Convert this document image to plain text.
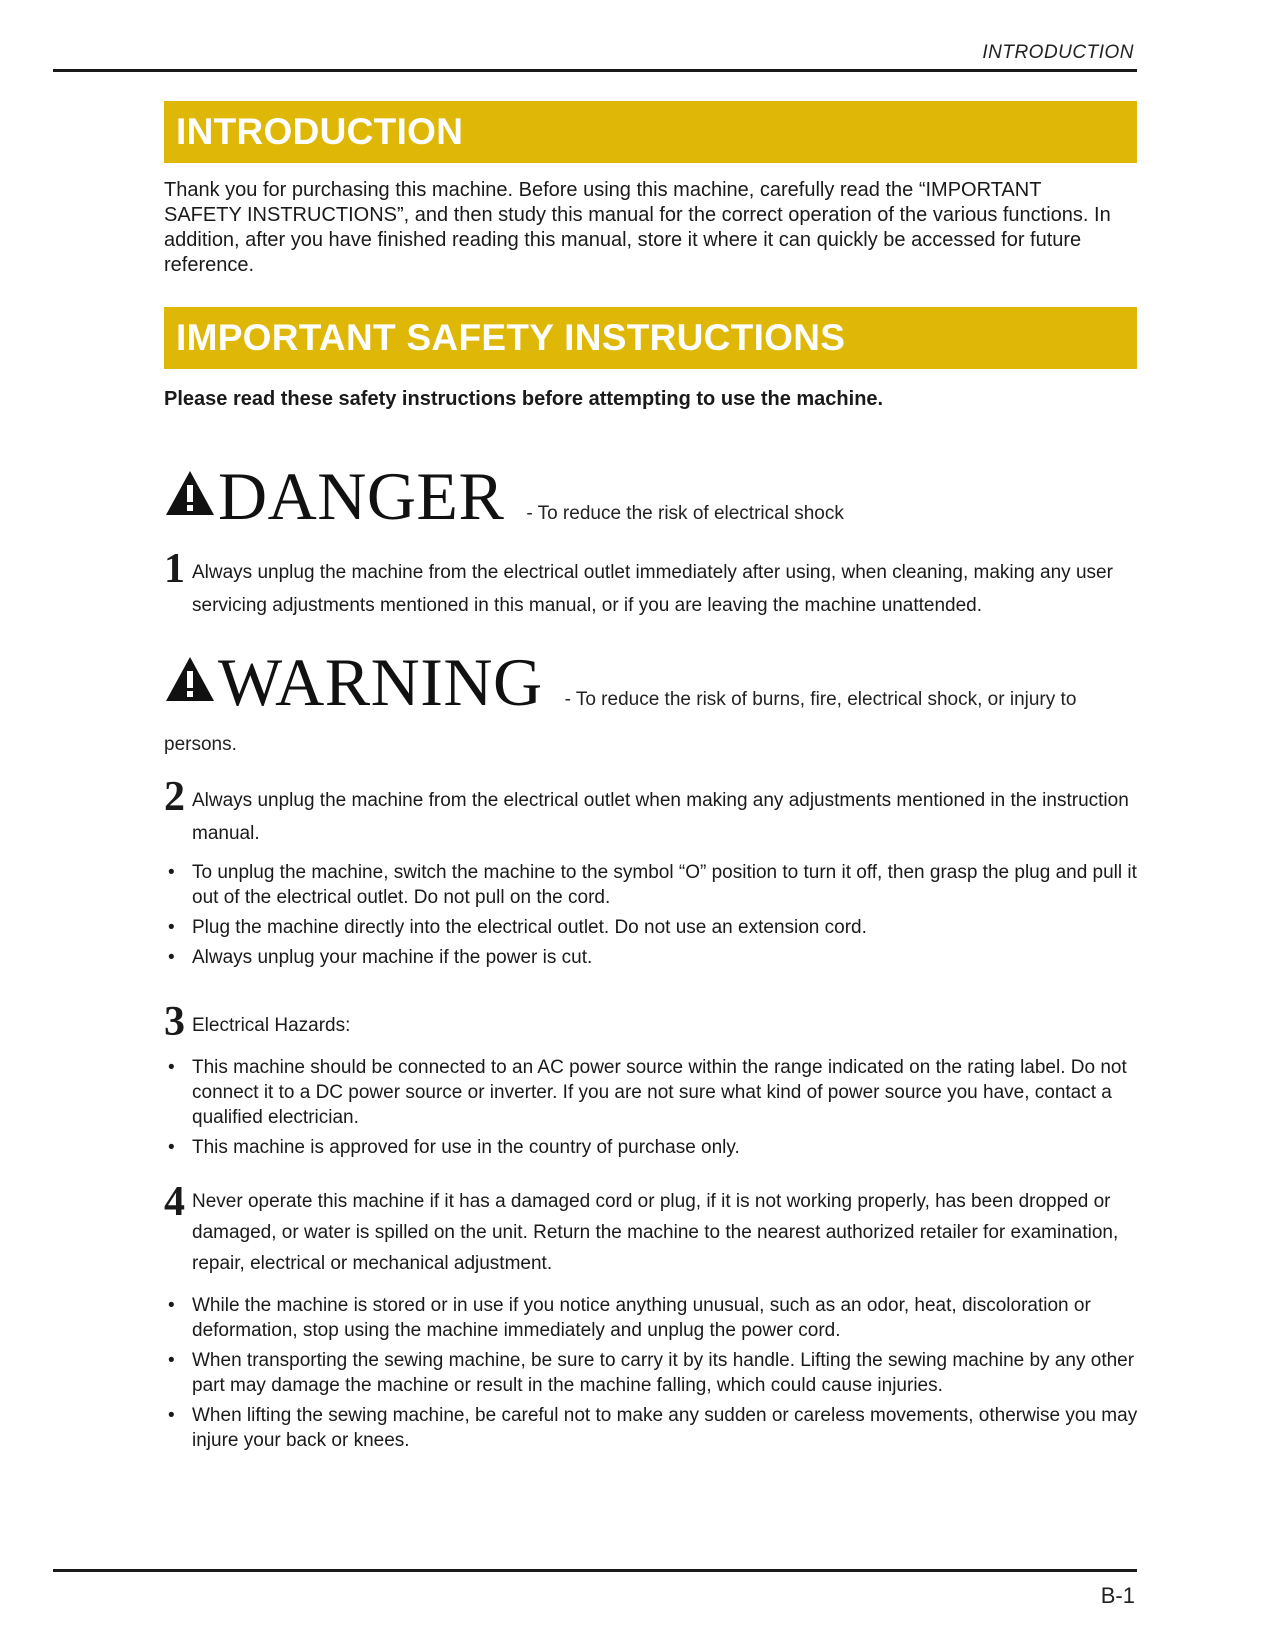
INTRODUCTION
INTRODUCTION
Thank you for purchasing this machine. Before using this machine, carefully read the “IMPORTANT SAFETY INSTRUCTIONS”, and then study this manual for the correct operation of the various functions. In addition, after you have finished reading this manual, store it where it can quickly be accessed for future reference.
IMPORTANT SAFETY INSTRUCTIONS
Please read these safety instructions before attempting to use the machine.
DANGER - To reduce the risk of electrical shock
1 Always unplug the machine from the electrical outlet immediately after using, when cleaning, making any user servicing adjustments mentioned in this manual, or if you are leaving the machine unattended.
WARNING - To reduce the risk of burns, fire, electrical shock, or injury to
persons.
2 Always unplug the machine from the electrical outlet when making any adjustments mentioned in the instruction manual.
• To unplug the machine, switch the machine to the symbol “O” position to turn it off, then grasp the plug and pull it out of the electrical outlet. Do not pull on the cord.
• Plug the machine directly into the electrical outlet. Do not use an extension cord.
• Always unplug your machine if the power is cut.
3 Electrical Hazards:
• This machine should be connected to an AC power source within the range indicated on the rating label. Do not connect it to a DC power source or inverter. If you are not sure what kind of power source you have, contact a qualified electrician.
• This machine is approved for use in the country of purchase only.
4 Never operate this machine if it has a damaged cord or plug, if it is not working properly, has been dropped or damaged, or water is spilled on the unit. Return the machine to the nearest authorized retailer for examination, repair, electrical or mechanical adjustment.
• While the machine is stored or in use if you notice anything unusual, such as an odor, heat, discoloration or deformation, stop using the machine immediately and unplug the power cord.
• When transporting the sewing machine, be sure to carry it by its handle. Lifting the sewing machine by any other part may damage the machine or result in the machine falling, which could cause injuries.
• When lifting the sewing machine, be careful not to make any sudden or careless movements, otherwise you may injure your back or knees.
B-1
